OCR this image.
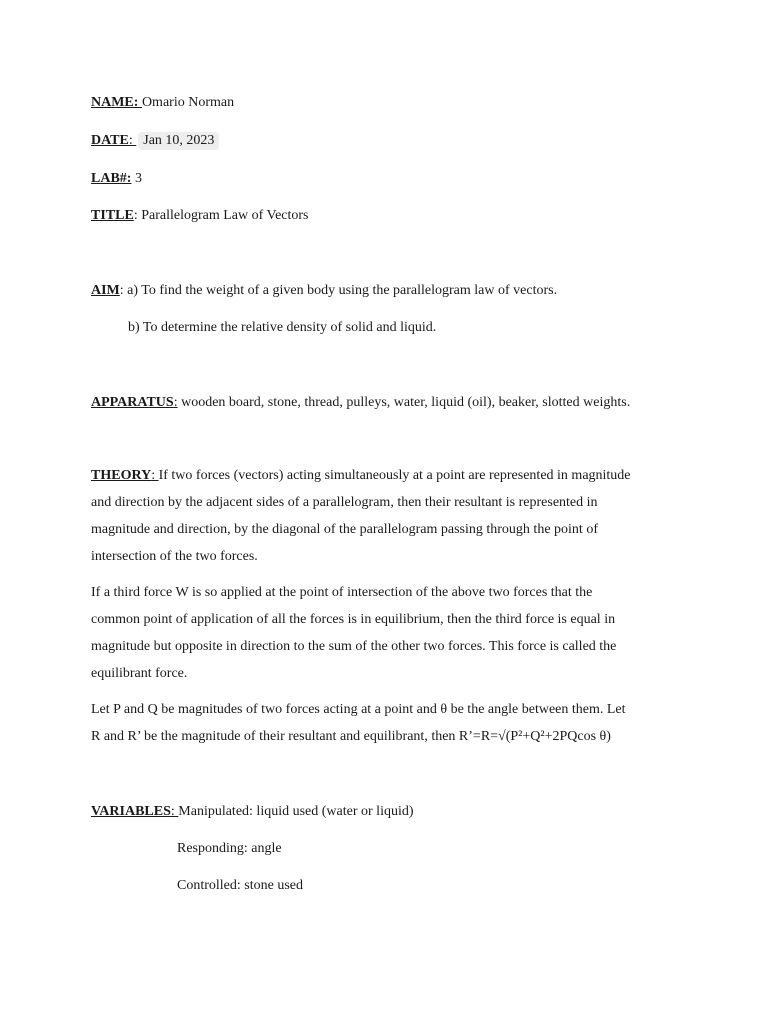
NAME: Omario Norman
DATE: Jan 10, 2023
LAB#: 3
TITLE: Parallelogram Law of Vectors
AIM: a) To find the weight of a given body using the parallelogram law of vectors.
b) To determine the relative density of solid and liquid.
APPARATUS: wooden board, stone, thread, pulleys, water, liquid (oil), beaker, slotted weights.
THEORY: If two forces (vectors) acting simultaneously at a point are represented in magnitude
and direction by the adjacent sides of a parallelogram, then their resultant is represented in
magnitude and direction, by the diagonal of the parallelogram passing through the point of
intersection of the two forces.
If a third force W is so applied at the point of intersection of the above two forces that the
common point of application of all the forces is in equilibrium, then the third force is equal in
magnitude but opposite in direction to the sum of the other two forces. This force is called the
equilibrant force.
Let P and Q be magnitudes of two forces acting at a point and θ be the angle between them. Let
R and R’ be the magnitude of their resultant and equilibrant, then R’=R=√(P²+Q²+2PQcos θ)
VARIABLES: Manipulated: liquid used (water or liquid)
Responding: angle
Controlled: stone used
